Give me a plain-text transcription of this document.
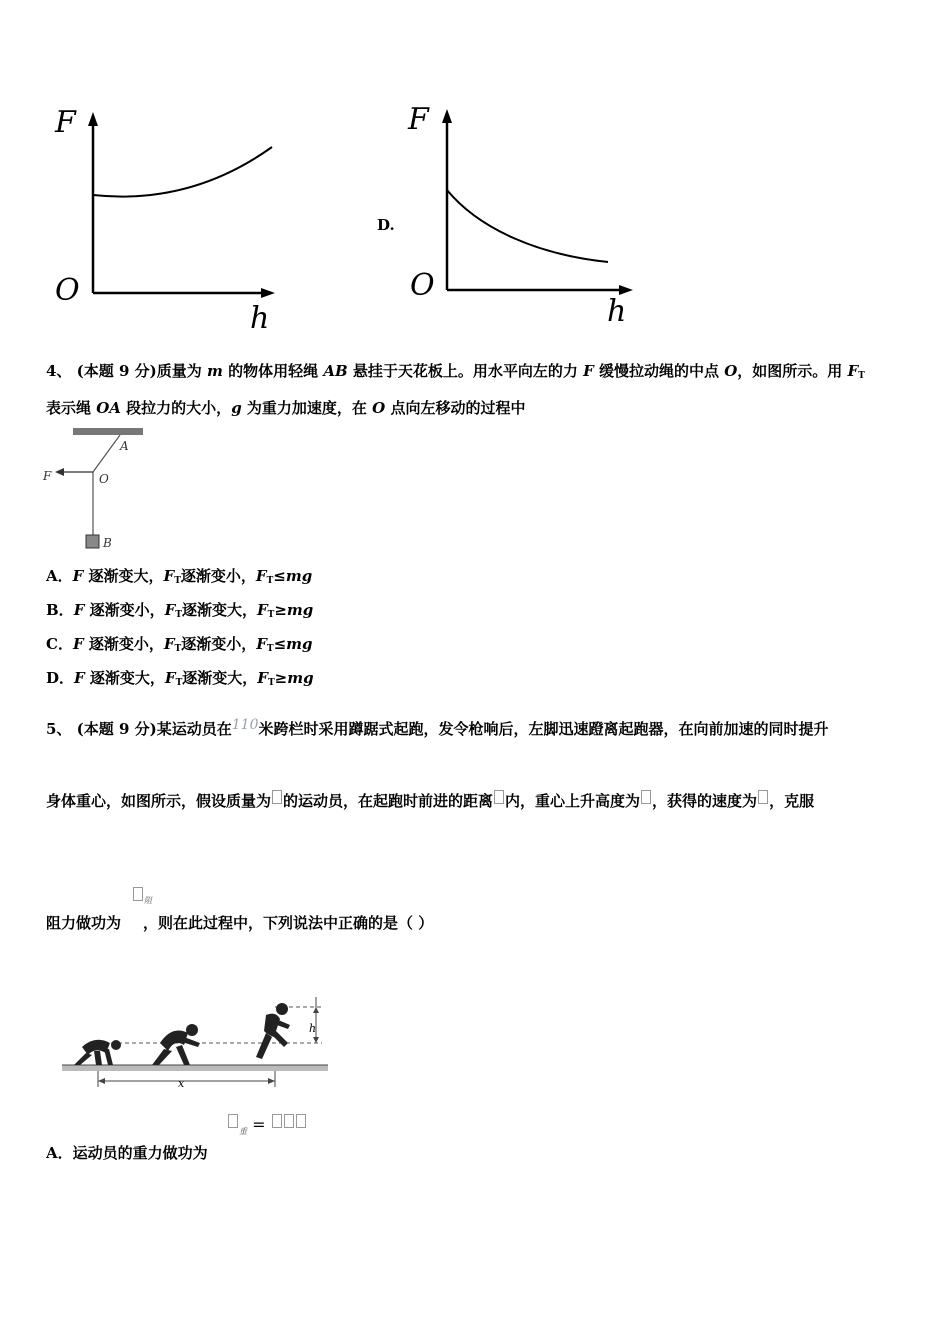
F
O
h
D.
F
O
h
4、 (本题 9 分)质量为 m 的物体用轻绳 AB 悬挂于天花板上。用水平向左的力 F 缓慢拉动绳的中点 O，如图所示。用 $F_T$
表示绳 OA 段拉力的大小，g 为重力加速度，在 O 点向左移动的过程中
A
F	O
B
A．F 逐渐变大，$F_T$逐渐变小，$F_T\le mg$
B．F 逐渐变小，$F_T$逐渐变大，$F_T\ge mg$
C．F 逐渐变小，$F_T$逐渐变小，$F_T\le mg$
D．F 逐渐变大，$F_T$逐渐变大，$F_T\ge mg$
5、 (本题 9 分)某运动员在110米跨栏时采用蹲踞式起跑，发令枪响后，左脚迅速蹬离起跑器，在向前加速的同时提升
身体重心，如图所示，假设质量为 的运动员，在起跑时前进的距离 内，重心上升高度为 ，获得的速度为 ，克服
阻
阻力做功为 ，则在此过程中，下列说法中正确的是（ ）
h
x
$_重$ =
A．运动员的重力做功为
